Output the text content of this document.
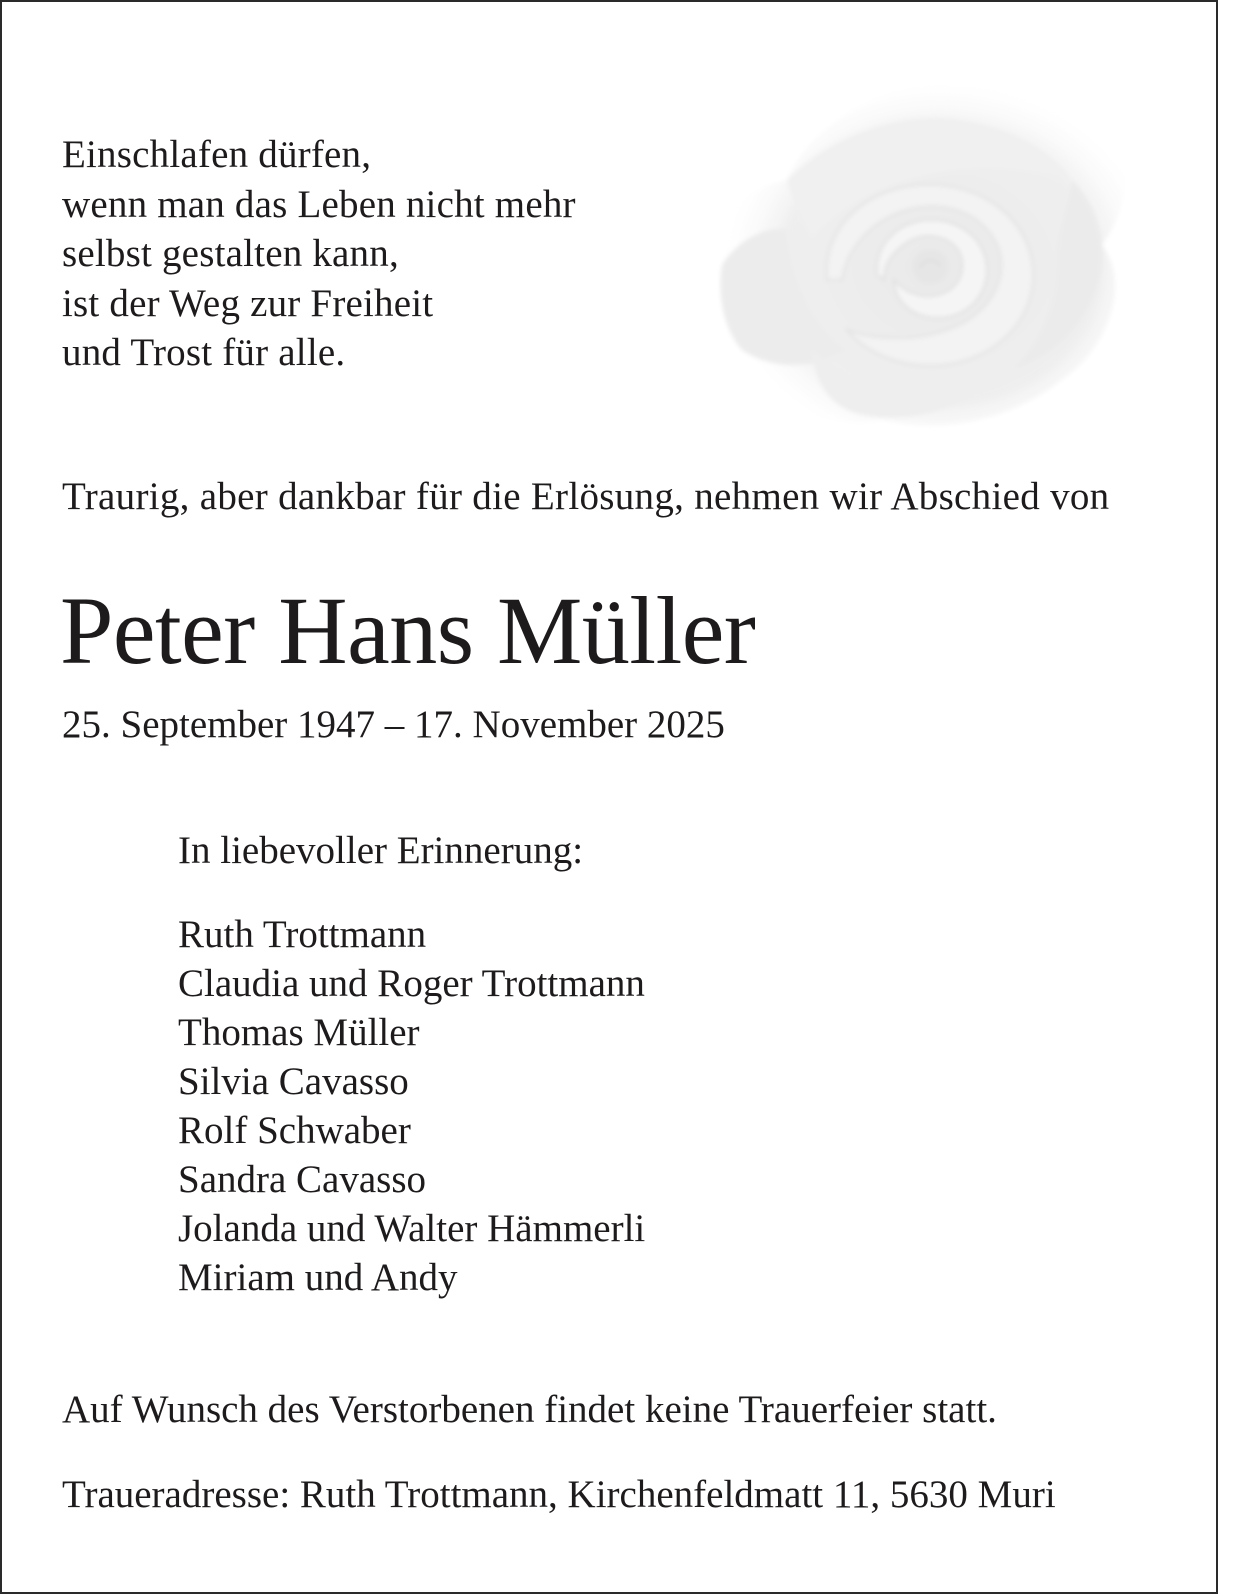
Einschlafen dürfen,
wenn man das Leben nicht mehr
selbst gestalten kann,
ist der Weg zur Freiheit
und Trost für alle.
Traurig, aber dankbar für die Erlösung, nehmen wir Abschied von
Peter Hans Müller
25. September 1947 – 17. November 2025
In liebevoller Erinnerung:
Ruth Trottmann
Claudia und Roger Trottmann
Thomas Müller
Silvia Cavasso
Rolf Schwaber
Sandra Cavasso
Jolanda und Walter Hämmerli
Miriam und Andy
Auf Wunsch des Verstorbenen findet keine Trauerfeier statt.
Traueradresse: Ruth Trottmann, Kirchenfeldmatt 11, 5630 Muri
